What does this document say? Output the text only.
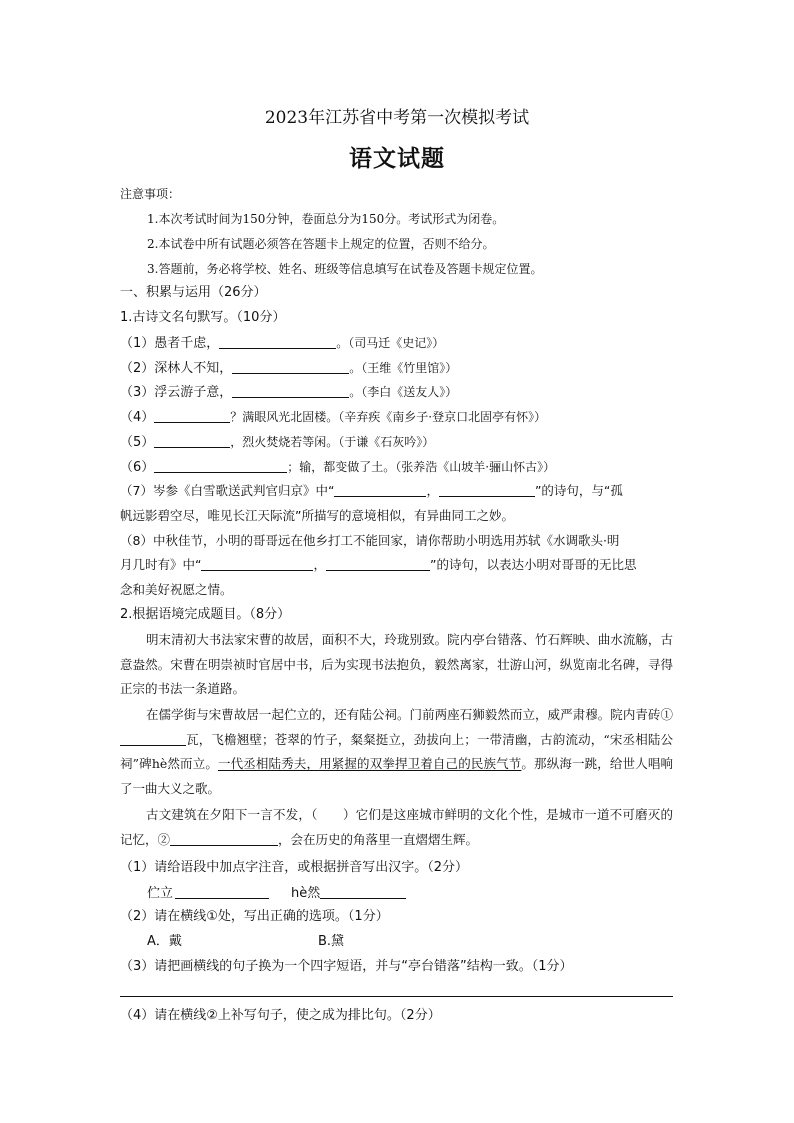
2023年江苏省中考第一次模拟考试
语文试题
注意事项：
1.本次考试时间为150分钟，卷面总分为150分。考试形式为闭卷。
2.本试卷中所有试题必须答在答题卡上规定的位置，否则不给分。
3.答题前，务必将学校、姓名、班级等信息填写在试卷及答题卡规定位置。
一、积累与运用（26分）
1.古诗文名句默写。（10分）
（1）愚者千虑，	。（司马迁《史记》）
（2）深林人不知，	。（王维《竹里馆》）
（3）浮云游子意，	。（李白《送友人》）
（4）	？满眼风光北固楼。（辛弃疾《南乡子·登京口北固亭有怀》）
（5）	，烈火焚烧若等闲。（于谦《石灰吟》）
（6）	；输，都变做了土。（张养浩《山坡羊·骊山怀古》）
（7）岑参《白雪歌送武判官归京》中“	，	”的诗句，与“孤
帆远影碧空尽，唯见长江天际流”所描写的意境相似，有异曲同工之妙。
（8）中秋佳节，小明的哥哥远在他乡打工不能回家，请你帮助小明选用苏轼《水调歌头·明
月几时有》中“	，	”的诗句，以表达小明对哥哥的无比思
念和美好祝愿之情。
2.根据语境完成题目。（8分）
明末清初大书法家宋曹的故居，面积不大，玲珑别致。院内亭台错落、竹石辉映、曲水流觞，古意盎然。宋曹在明崇祯时官居中书，后为实现书法抱负，毅然离家，壮游山河，纵览南北名碑，寻得正宗的书法一条道路。
在儒学街与宋曹故居一起伫立的，还有陆公祠。门前两座石狮毅然而立，威严肃穆。院内青砖①瓦，飞檐翘壁；苍翠的竹子，粲粲挺立，劲拔向上；一带清幽，古韵流动，“宋丞相陆公祠”碑hè然而立。一代丞相陆秀夫，用紧握的双拳捍卫着自己的民族气节。那纵海一跳，给世人唱响了一曲大义之歌。
古文建筑在夕阳下一言不发，（　　）它们是这座城市鲜明的文化个性，是城市一道不可磨灭的记忆，②	，会在历史的角落里一直熠熠生辉。
（1）请给语段中加点字注音，或根据拼音写出汉字。（2分）
伫立	hè然
（2）请在横线①处，写出正确的选项。（1分）
A．戴	B.黛
（3）请把画横线的句子换为一个四字短语，并与“亭台错落”结构一致。（1分）
（4）请在横线②上补写句子，使之成为排比句。（2分）
